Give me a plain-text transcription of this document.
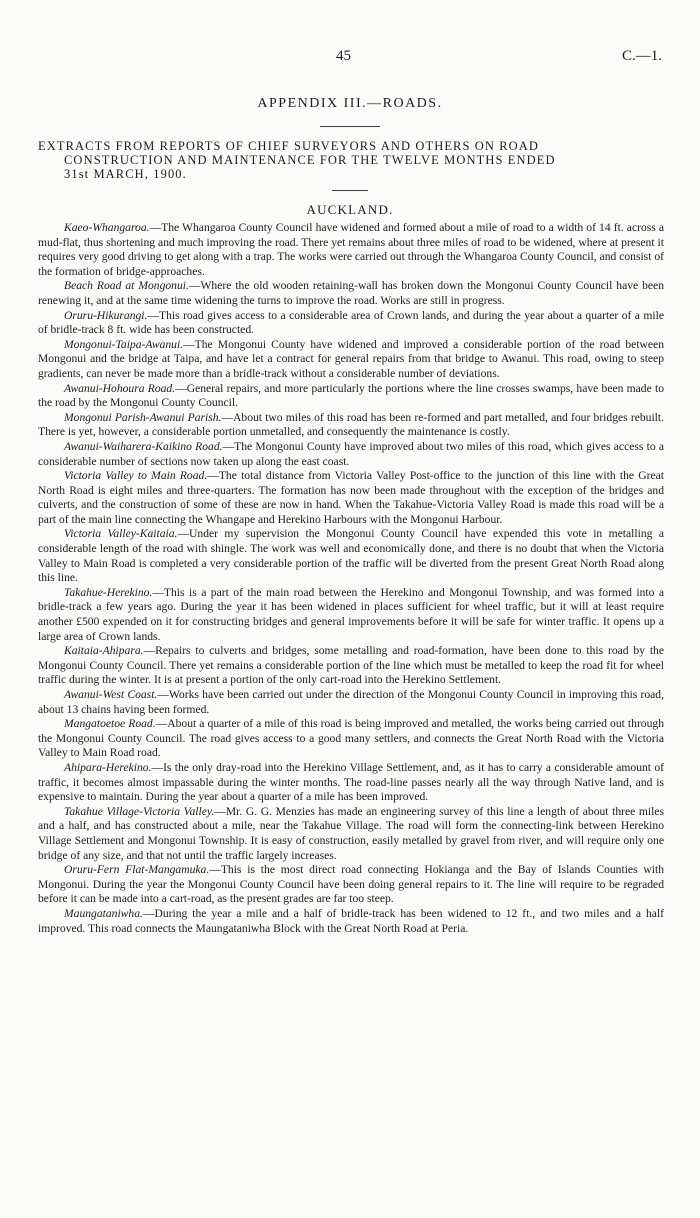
45	C.—1.
APPENDIX III.—ROADS.
EXTRACTS FROM REPORTS OF CHIEF SURVEYORS AND OTHERS ON ROAD
CONSTRUCTION AND MAINTENANCE FOR THE TWELVE MONTHS ENDED
31st MARCH, 1900.
AUCKLAND.

Kaeo-Whangaroa.—The Whangaroa County Council have widened and formed about a mile of road to a width of 14 ft. across a mud-flat, thus shortening and much improving the road. There yet remains about three miles of road to be widened, where at present it requires very good driving to get along with a trap. The works were carried out through the Whangaroa County Council, and consist of the formation of bridge-approaches.

Beach Road at Mongonui.—Where the old wooden retaining-wall has broken down the Mongonui County Council have been renewing it, and at the same time widening the turns to improve the road. Works are still in progress.

Oruru-Hikurangi.—This road gives access to a considerable area of Crown lands, and during the year about a quarter of a mile of bridle-track 8 ft. wide has been constructed.

Mongonui-Taipa-Awanui.—The Mongonui County have widened and improved a considerable portion of the road between Mongonui and the bridge at Taipa, and have let a contract for general repairs from that bridge to Awanui. This road, owing to steep gradients, can never be made more than a bridle-track without a considerable number of deviations.

Awanui-Hohoura Road.—General repairs, and more particularly the portions where the line crosses swamps, have been made to the road by the Mongonui County Council.

Mongonui Parish-Awanui Parish.—About two miles of this road has been re-formed and part metalled, and four bridges rebuilt. There is yet, however, a considerable portion unmetalled, and consequently the maintenance is costly.

Awanui-Waiharera-Kaikino Road.—The Mongonui County have improved about two miles of this road, which gives access to a considerable number of sections now taken up along the east coast.

Victoria Valley to Main Road.—The total distance from Victoria Valley Post-office to the junction of this line with the Great North Road is eight miles and three-quarters. The formation has now been made throughout with the exception of the bridges and culverts, and the construction of some of these are now in hand. When the Takahue-Victoria Valley Road is made this road will be a part of the main line connecting the Whangape and Herekino Harbours with the Mongonui Harbour.

Victoria Valley-Kaitaia.—Under my supervision the Mongonui County Council have expended this vote in metalling a considerable length of the road with shingle. The work was well and economically done, and there is no doubt that when the Victoria Valley to Main Road is completed a very considerable portion of the traffic will be diverted from the present Great North Road along this line.

Takahue-Herekino.—This is a part of the main road between the Herekino and Mongonui Township, and was formed into a bridle-track a few years ago. During the year it has been widened in places sufficient for wheel traffic, but it will at least require another £500 expended on it for constructing bridges and general improvements before it will be safe for winter traffic. It opens up a large area of Crown lands.

Kaitaia-Ahipara.—Repairs to culverts and bridges, some metalling and road-formation, have been done to this road by the Mongonui County Council. There yet remains a considerable portion of the line which must be metalled to keep the road fit for wheel traffic during the winter. It is at present a portion of the only cart-road into the Herekino Settlement.

Awanui-West Coast.—Works have been carried out under the direction of the Mongonui County Council in improving this road, about 13 chains having been formed.

Mangatoetoe Road.—About a quarter of a mile of this road is being improved and metalled, the works being carried out through the Mongonui County Council. The road gives access to a good many settlers, and connects the Great North Road with the Victoria Valley to Main Road road.

Ahipara-Herekino.—Is the only dray-road into the Herekino Village Settlement, and, as it has to carry a considerable amount of traffic, it becomes almost impassable during the winter months. The road-line passes nearly all the way through Native land, and is expensive to maintain. During the year about a quarter of a mile has been improved.

Takahue Village-Victoria Valley.—Mr. G. G. Menzies has made an engineering survey of this line a length of about three miles and a half, and has constructed about a mile, near the Takahue Village. The road will form the connecting-link between Herekino Village Settlement and Mongonui Township. It is easy of construction, easily metalled by gravel from river, and will require only one bridge of any size, and that not until the traffic largely increases.

Oruru-Fern Flat-Mangamuka.—This is the most direct road connecting Hokianga and the Bay of Islands Counties with Mongonui. During the year the Mongonui County Council have been doing general repairs to it. The line will require to be regraded before it can be made into a cart-road, as the present grades are far too steep.

Maungataniwha.—During the year a mile and a half of bridle-track has been widened to 12 ft., and two miles and a half improved. This road connects the Maungataniwha Block with the Great North Road at Peria.
